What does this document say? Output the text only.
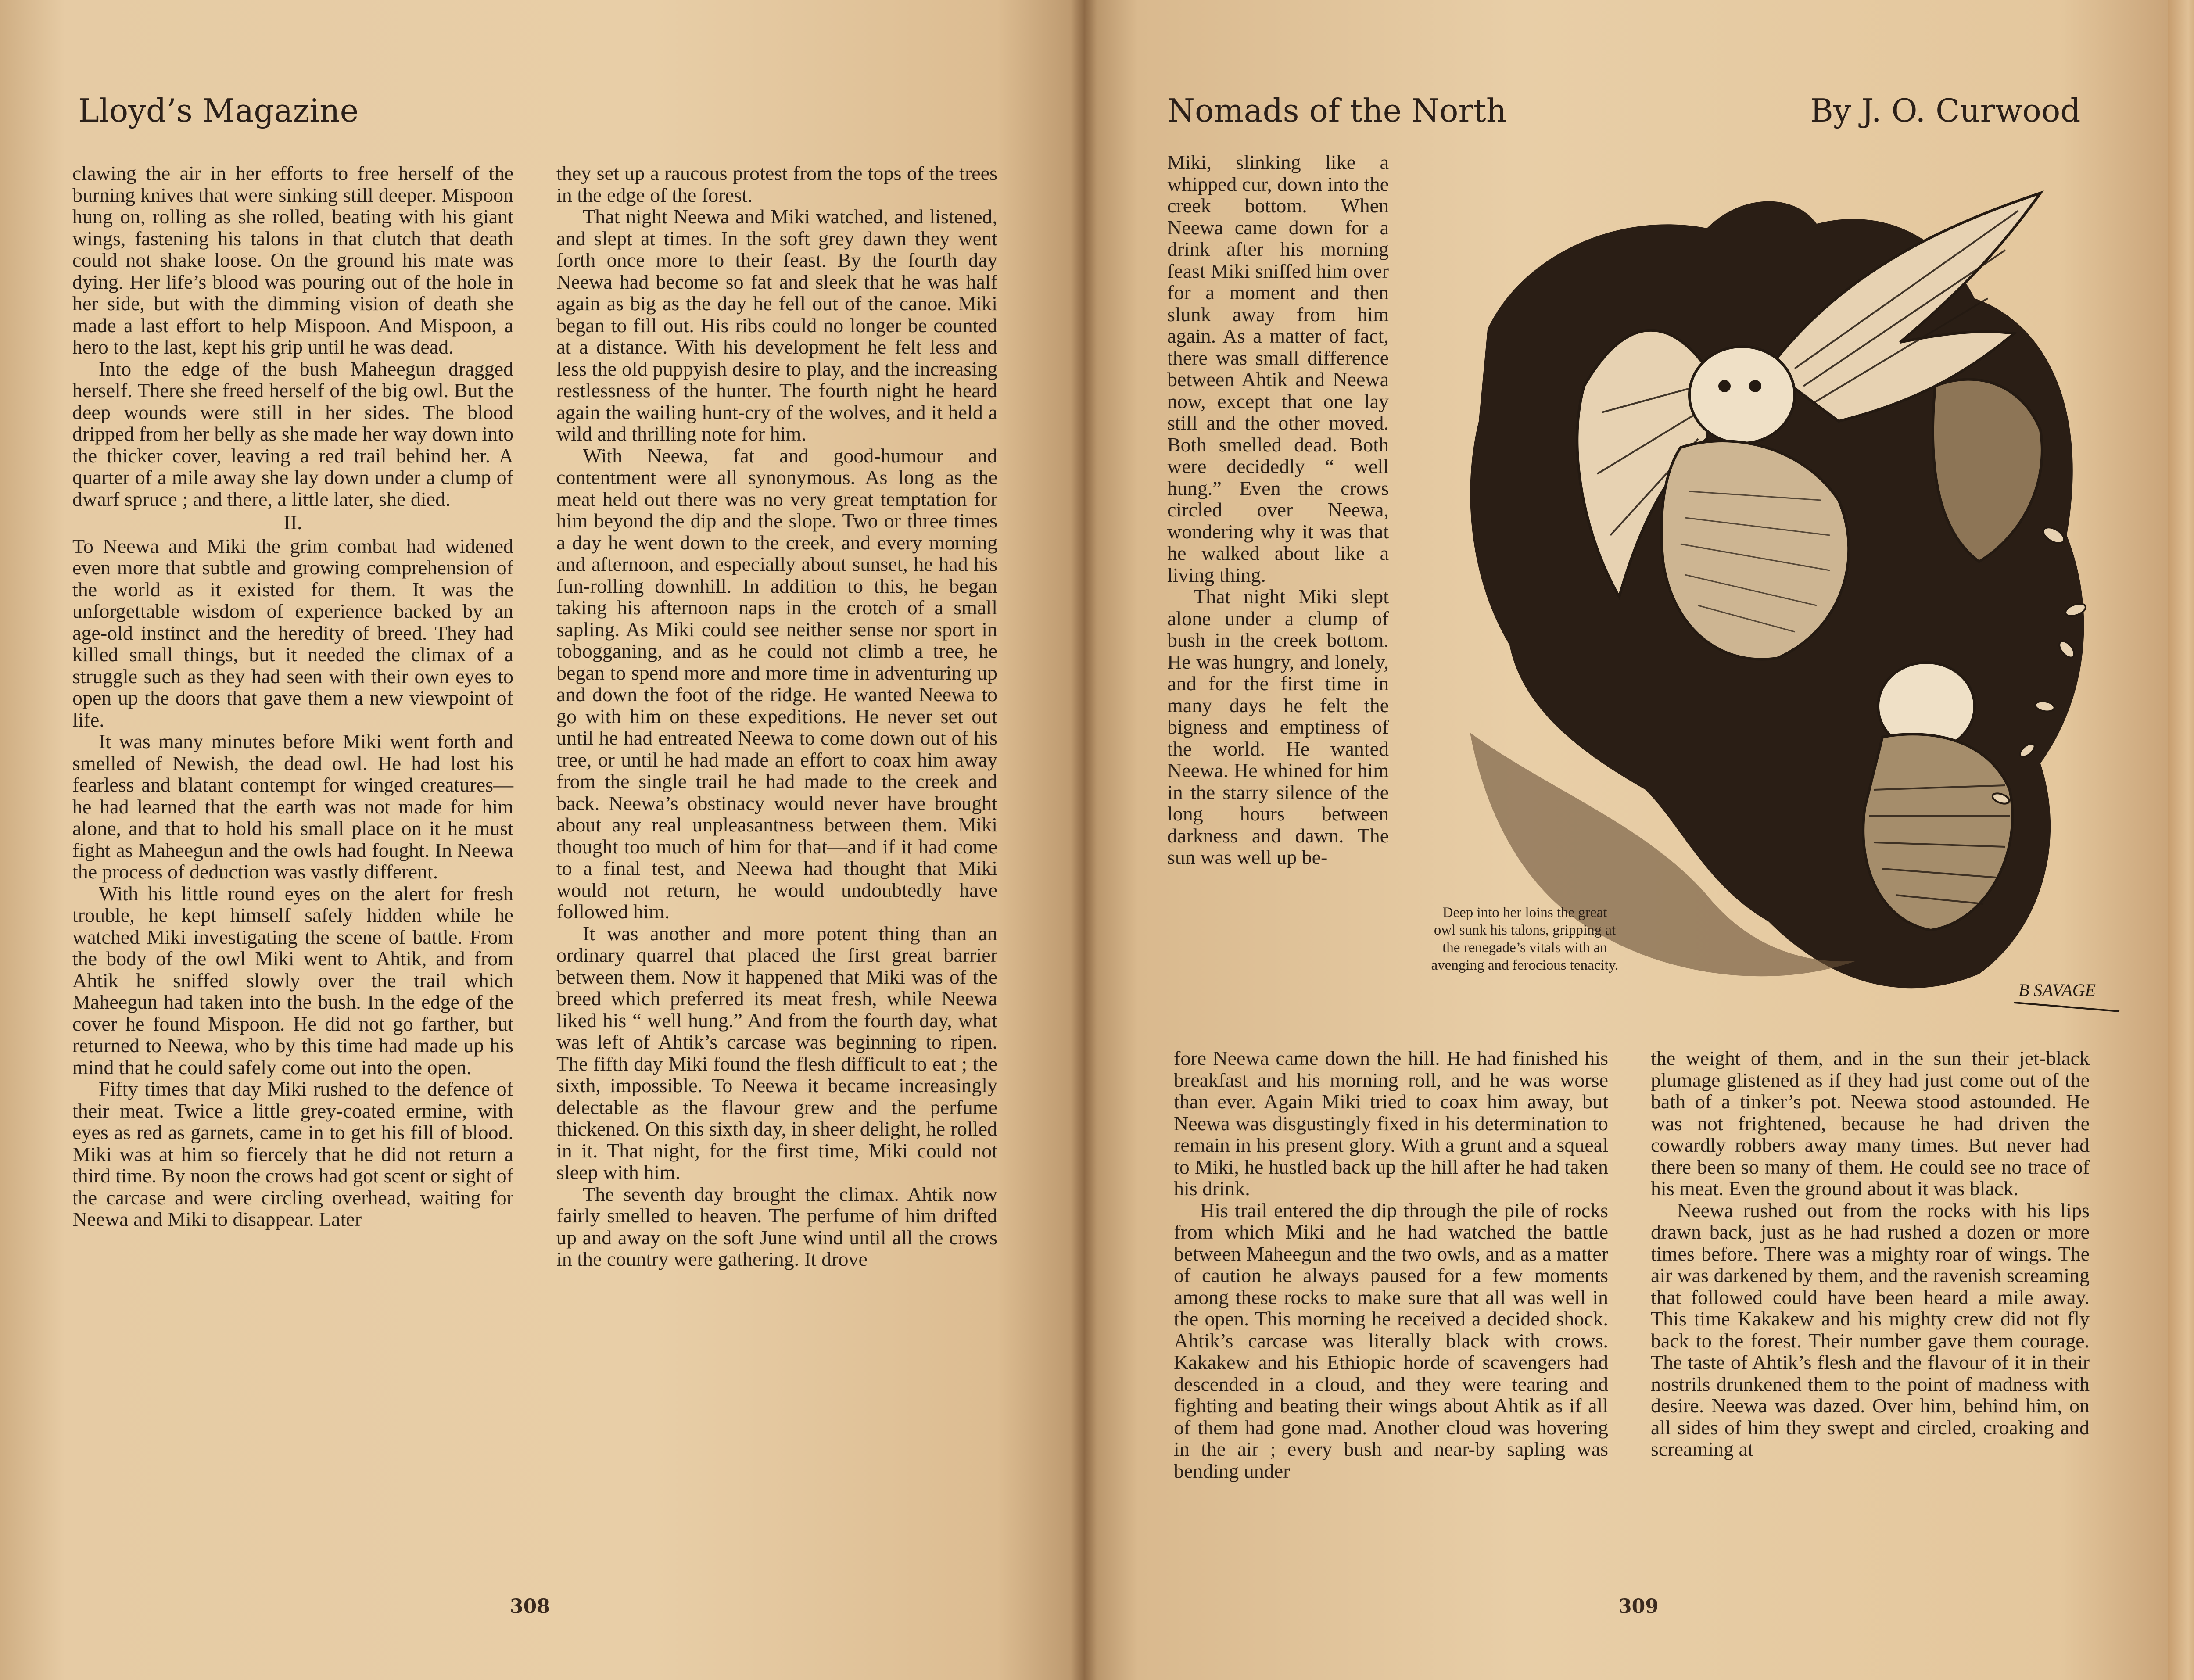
Lloyd’s Magazine

clawing the air in her efforts to free herself of the burning knives that were sinking still deeper. Mispoon hung on, rolling as she rolled, beating with his giant wings, fastening his talons in that clutch that death could not shake loose. On the ground his mate was dying. Her life’s blood was pouring out of the hole in her side, but with the dimming vision of death she made a last effort to help Mispoon. And Mispoon, a hero to the last, kept his grip until he was dead.

Into the edge of the bush Maheegun dragged herself. There she freed herself of the big owl. But the deep wounds were still in her sides. The blood dripped from her belly as she made her way down into the thicker cover, leaving a red trail behind her. A quarter of a mile away she lay down under a clump of dwarf spruce ; and there, a little later, she died.

II.

To Neewa and Miki the grim combat had widened even more that subtle and growing comprehension of the world as it existed for them. It was the unforgettable wisdom of experience backed by an age-old instinct and the heredity of breed. They had killed small things, but it needed the climax of a struggle such as they had seen with their own eyes to open up the doors that gave them a new viewpoint of life.

It was many minutes before Miki went forth and smelled of Newish, the dead owl. He had lost his fearless and blatant contempt for winged creatures—he had learned that the earth was not made for him alone, and that to hold his small place on it he must fight as Maheegun and the owls had fought. In Neewa the process of deduction was vastly different.

With his little round eyes on the alert for fresh trouble, he kept himself safely hidden while he watched Miki investigating the scene of battle. From the body of the owl Miki went to Ahtik, and from Ahtik he sniffed slowly over the trail which Maheegun had taken into the bush. In the edge of the cover he found Mispoon. He did not go farther, but returned to Neewa, who by this time had made up his mind that he could safely come out into the open.

Fifty times that day Miki rushed to the defence of their meat. Twice a little grey-coated ermine, with eyes as red as garnets, came in to get his fill of blood. Miki was at him so fiercely that he did not return a third time. By noon the crows had got scent or sight of the carcase and were circling overhead, waiting for Neewa and Miki to disappear. Later

they set up a raucous protest from the tops of the trees in the edge of the forest.

That night Neewa and Miki watched, and listened, and slept at times. In the soft grey dawn they went forth once more to their feast. By the fourth day Neewa had become so fat and sleek that he was half again as big as the day he fell out of the canoe. Miki began to fill out. His ribs could no longer be counted at a distance. With his development he felt less and less the old puppyish desire to play, and the increasing restlessness of the hunter. The fourth night he heard again the wailing hunt-cry of the wolves, and it held a wild and thrilling note for him.

With Neewa, fat and good-humour and contentment were all synonymous. As long as the meat held out there was no very great temptation for him beyond the dip and the slope. Two or three times a day he went down to the creek, and every morning and afternoon, and especially about sunset, he had his fun-rolling downhill. In addition to this, he began taking his afternoon naps in the crotch of a small sapling. As Miki could see neither sense nor sport in tobogganing, and as he could not climb a tree, he began to spend more and more time in adventuring up and down the foot of the ridge. He wanted Neewa to go with him on these expeditions. He never set out until he had entreated Neewa to come down out of his tree, or until he had made an effort to coax him away from the single trail he had made to the creek and back. Neewa’s obstinacy would never have brought about any real unpleasantness between them. Miki thought too much of him for that—and if it had come to a final test, and Neewa had thought that Miki would not return, he would undoubtedly have followed him.

It was another and more potent thing than an ordinary quarrel that placed the first great barrier between them. Now it happened that Miki was of the breed which preferred its meat fresh, while Neewa liked his “ well hung.” And from the fourth day, what was left of Ahtik’s carcase was beginning to ripen. The fifth day Miki found the flesh difficult to eat ; the sixth, impossible. To Neewa it became increasingly delectable as the flavour grew and the perfume thickened. On this sixth day, in sheer delight, he rolled in it. That night, for the first time, Miki could not sleep with him.

The seventh day brought the climax. Ahtik now fairly smelled to heaven. The perfume of him drifted up and away on the soft June wind until all the crows in the country were gathering. It drove

308
Nomads of the North	By J. O. Curwood
309

Miki, slinking like a whipped cur, down into the creek bottom. When Neewa came down for a drink after his morning feast Miki sniffed him over for a moment and then slunk away from him again. As a matter of fact, there was small difference between Ahtik and Neewa now, except that one lay still and the other moved. Both smelled dead. Both were decidedly “ well hung.” Even the crows circled over Neewa, wondering why it was that he walked about like a living thing.

That night Miki slept alone under a clump of bush in the creek bottom. He was hungry, and lonely, and for the first time in many days he felt the bigness and emptiness of the world. He wanted Neewa. He whined for him in the starry silence of the long hours between darkness and dawn. The sun was well up be-

fore Neewa came down the hill. He had finished his breakfast and his morning roll, and he was worse than ever. Again Miki tried to coax him away, but Neewa was disgustingly fixed in his determination to remain in his present glory. With a grunt and a squeal to Miki, he hustled back up the hill after he had taken his drink.

His trail entered the dip through the pile of rocks from which Miki and he had watched the battle between Maheegun and the two owls, and as a matter of caution he always paused for a few moments among these rocks to make sure that all was well in the open. This morning he received a decided shock. Ahtik’s carcase was literally black with crows. Kakakew and his Ethiopic horde of scavengers had descended in a cloud, and they were tearing and fighting and beating their wings about Ahtik as if all of them had gone mad. Another cloud was hovering in the air ; every bush and near-by sapling was bending under

the weight of them, and in the sun their jet-black plumage glistened as if they had just come out of the bath of a tinker’s pot. Neewa stood astounded. He was not frightened, because he had driven the cowardly robbers away many times. But never had there been so many of them. He could see no trace of his meat. Even the ground about it was black.

Neewa rushed out from the rocks with his lips drawn back, just as he had rushed a dozen or more times before. There was a mighty roar of wings. The air was darkened by them, and the ravenish screaming that followed could have been heard a mile away. This time Kakakew and his mighty crew did not fly back to the forest. Their number gave them courage. The taste of Ahtik’s flesh and the flavour of it in their nostrils drunkened them to the point of madness with desire. Neewa was dazed. Over him, behind him, on all sides of him they swept and circled, croaking and screaming at

B SAVAGE
Deep into her loins the great owl sunk his talons, gripping at the renegade’s vitals with an avenging and ferocious tenacity.
